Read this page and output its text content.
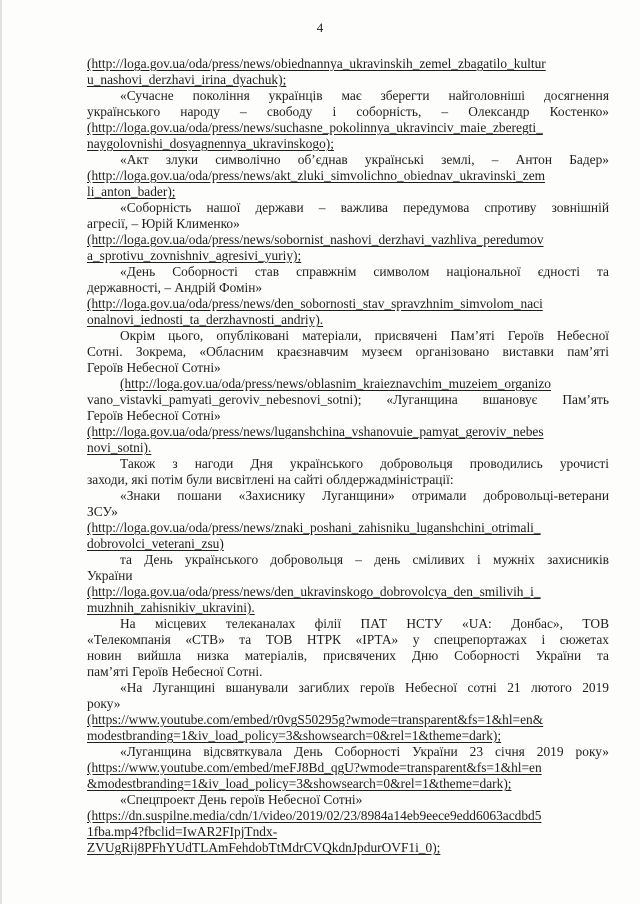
4
(http://loga.gov.ua/oda/press/news/obiednannya_ukravinskih_zemel_zbagatilo_kultur
u_nashovi_derzhavi_irina_dyachuk);
«Сучасне покоління українців має зберегти найголовніші досягнення
українського народу – свободу і соборність, – Олександр Костенко»
(http://loga.gov.ua/oda/press/news/suchasne_pokolinnya_ukravinciv_maie_zberegti_
naygolovnishi_dosyagnennya_ukravinskogo);
«Акт злуки символічно об’єднав українські землі, – Антон Бадер»
(http://loga.gov.ua/oda/press/news/akt_zluki_simvolichno_obiednav_ukravinski_zem
li_anton_bader);
«Соборність нашої держави – важлива передумова спротиву зовнішній
агресії, – Юрій Клименко»
(http://loga.gov.ua/oda/press/news/sobornist_nashovi_derzhavi_vazhliva_peredumov
a_sprotivu_zovnishniv_agresivi_yuriy);
«День Соборності став справжнім символом національної єдності та
державності, – Андрій Фомін»
(http://loga.gov.ua/oda/press/news/den_sobornosti_stav_spravzhnim_simvolom_naci
onalnovi_iednosti_ta_derzhavnosti_andriy).
Окрім цього, опубліковані матеріали, присвячені Пам’яті Героїв Небесної
Сотні. Зокрема, «Обласним краєзнавчим музеєм організовано виставки пам’яті
Героїв Небесної Сотні»
(http://loga.gov.ua/oda/press/news/oblasnim_kraieznavchim_muzeiem_organizo
vano_vistavki_pamyati_geroviv_nebesnovi_sotni); «Луганщина вшановує Пам’ять
Героїв Небесної Сотні»
(http://loga.gov.ua/oda/press/news/luganshchina_vshanovuie_pamyat_geroviv_nebes
novi_sotni).
Також з нагоди Дня українського добровольця проводились урочисті
заходи, які потім були висвітлені на сайті облдержадміністрації:
«Знаки пошани «Захиснику Луганщини» отримали добровольці-ветерани
ЗСУ»
(http://loga.gov.ua/oda/press/news/znaki_poshani_zahisniku_luganshchini_otrimali_
dobrovolci_veterani_zsu)
та День українського добровольця – день сміливих і мужніх захисників
України
(http://loga.gov.ua/oda/press/news/den_ukravinskogo_dobrovolcya_den_smilivih_i_
muzhnih_zahisnikiv_ukravini).
На місцевих телеканалах філії ПАТ НСТУ «UA: Донбас», ТОВ
«Телекомпанія «СТВ» та ТОВ НТРК «ІРТА» у спецрепортажах і сюжетах
новин вийшла низка матеріалів, присвячених Дню Соборності України та
пам’яті Героїв Небесної Сотні.
«На Луганщині вшанували загиблих героїв Небесної сотні 21 лютого 2019
року»
(https://www.youtube.com/embed/r0vgS50295g?wmode=transparent&fs=1&hl=en&
modestbranding=1&iv_load_policy=3&showsearch=0&rel=1&theme=dark);
«Луганщина відсвяткувала День Соборності України 23 січня 2019 року»
(https://www.youtube.com/embed/meFJ8Bd_qgU?wmode=transparent&fs=1&hl=en
&modestbranding=1&iv_load_policy=3&showsearch=0&rel=1&theme=dark);
«Спецпроект День героїв Небесної Сотні»
(https://dn.suspilne.media/cdn/1/video/2019/02/23/8984a14eb9eece9edd6063acdbd5
1fba.mp4?fbclid=IwAR2FIpjTndx-
ZVUgRij8PFhYUdTLAmFehdobTtMdrCVQkdnJpdurOVF1i_0);
